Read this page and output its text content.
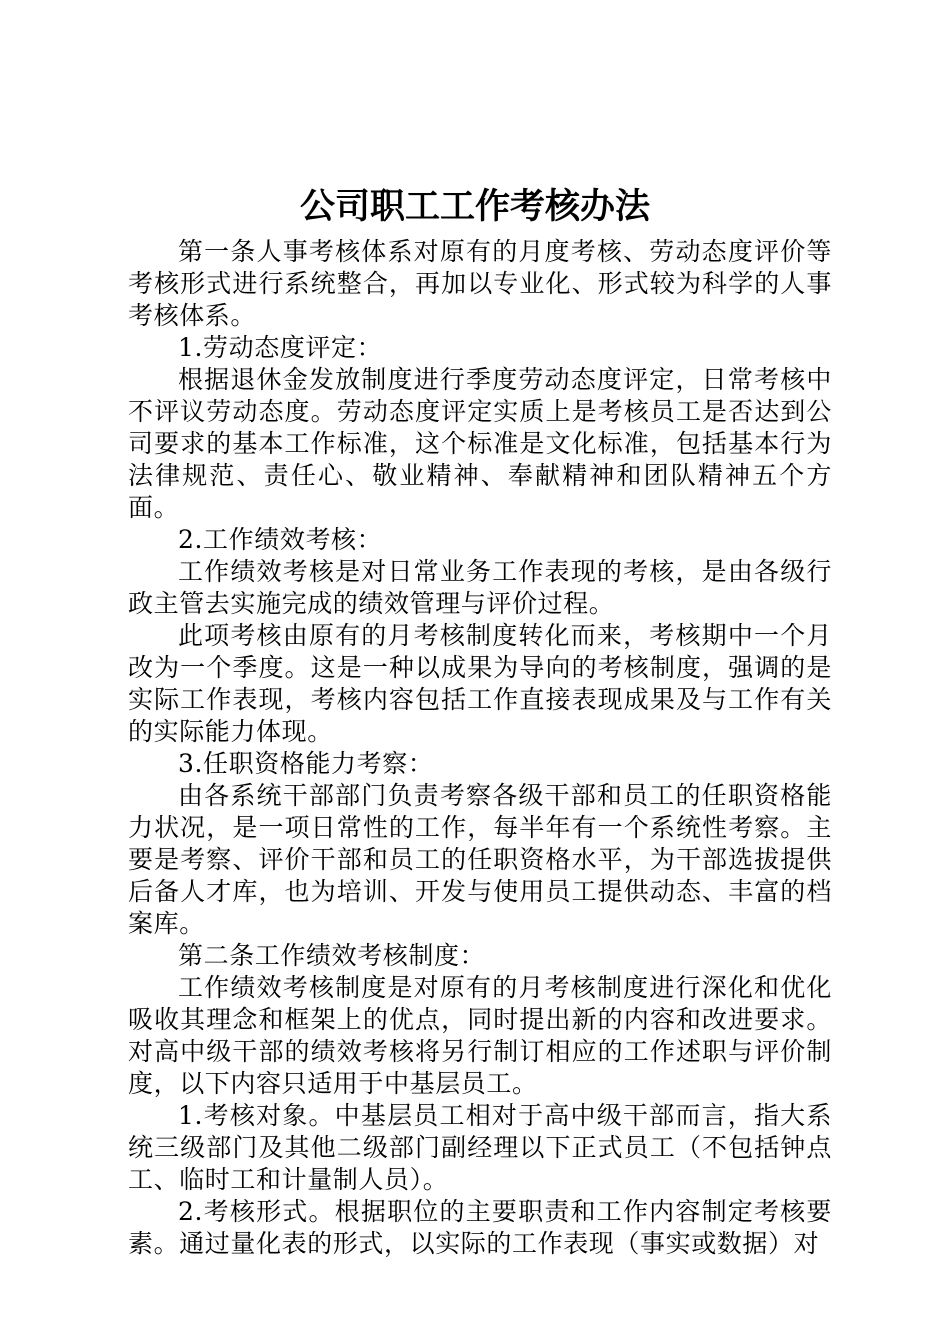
公司职工工作考核办法

第一条人事考核体系对原有的月度考核、劳动态度评价等考核形式进行系统整合，再加以专业化、形式较为科学的人事考核体系。

1.劳动态度评定：

根据退休金发放制度进行季度劳动态度评定，日常考核中不评议劳动态度。劳动态度评定实质上是考核员工是否达到公司要求的基本工作标准，这个标准是文化标准，包括基本行为法律规范、责任心、敬业精神、奉献精神和团队精神五个方面。

2.工作绩效考核：

工作绩效考核是对日常业务工作表现的考核，是由各级行政主管去实施完成的绩效管理与评价过程。

此项考核由原有的月考核制度转化而来，考核期中一个月改为一个季度。这是一种以成果为导向的考核制度，强调的是实际工作表现，考核内容包括工作直接表现成果及与工作有关的实际能力体现。

3.任职资格能力考察：

由各系统干部部门负责考察各级干部和员工的任职资格能力状况，是一项日常性的工作，每半年有一个系统性考察。主要是考察、评价干部和员工的任职资格水平，为干部选拔提供后备人才库，也为培训、开发与使用员工提供动态、丰富的档案库。

第二条工作绩效考核制度：

工作绩效考核制度是对原有的月考核制度进行深化和优化吸收其理念和框架上的优点，同时提出新的内容和改进要求。对高中级干部的绩效考核将另行制订相应的工作述职与评价制度，以下内容只适用于中基层员工。

1.考核对象。中基层员工相对于高中级干部而言，指大系统三级部门及其他二级部门副经理以下正式员工（不包括钟点工、临时工和计量制人员）。

2.考核形式。根据职位的主要职责和工作内容制定考核要素。通过量化表的形式，以实际的工作表现（事实或数据）对
